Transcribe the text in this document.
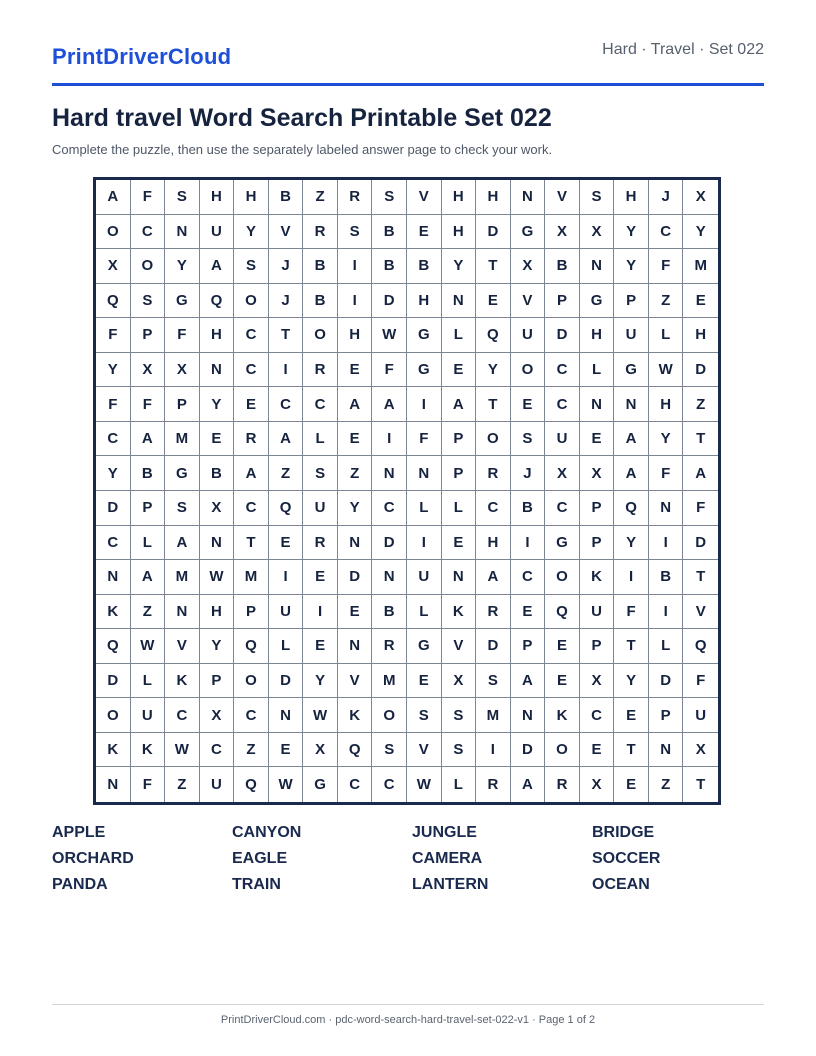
PrintDriverCloud	Hard · Travel · Set 022
Hard travel Word Search Printable Set 022
Complete the puzzle, then use the separately labeled answer page to check your work.
A	F	S	H	H	B	Z	R	S	V	H	H	N	V	S	H	J	X
O	C	N	U	Y	V	R	S	B	E	H	D	G	X	X	Y	C	Y
X	O	Y	A	S	J	B	I	B	B	Y	T	X	B	N	Y	F	M
Q	S	G	Q	O	J	B	I	D	H	N	E	V	P	G	P	Z	E
F	P	F	H	C	T	O	H	W	G	L	Q	U	D	H	U	L	H
Y	X	X	N	C	I	R	E	F	G	E	Y	O	C	L	G	W	D
F	F	P	Y	E	C	C	A	A	I	A	T	E	C	N	N	H	Z
C	A	M	E	R	A	L	E	I	F	P	O	S	U	E	A	Y	T
Y	B	G	B	A	Z	S	Z	N	N	P	R	J	X	X	A	F	A
D	P	S	X	C	Q	U	Y	C	L	L	C	B	C	P	Q	N	F
C	L	A	N	T	E	R	N	D	I	E	H	I	G	P	Y	I	D
N	A	M	W	M	I	E	D	N	U	N	A	C	O	K	I	B	T
K	Z	N	H	P	U	I	E	B	L	K	R	E	Q	U	F	I	V
Q	W	V	Y	Q	L	E	N	R	G	V	D	P	E	P	T	L	Q
D	L	K	P	O	D	Y	V	M	E	X	S	A	E	X	Y	D	F
O	U	C	X	C	N	W	K	O	S	S	M	N	K	C	E	P	U
K	K	W	C	Z	E	X	Q	S	V	S	I	D	O	E	T	N	X
N	F	Z	U	Q	W	G	C	C	W	L	R	A	R	X	E	Z	T
APPLE	CANYON	JUNGLE	BRIDGE
ORCHARD	EAGLE	CAMERA	SOCCER
PANDA	TRAIN	LANTERN	OCEAN
PrintDriverCloud.com · pdc-word-search-hard-travel-set-022-v1 · Page 1 of 2
